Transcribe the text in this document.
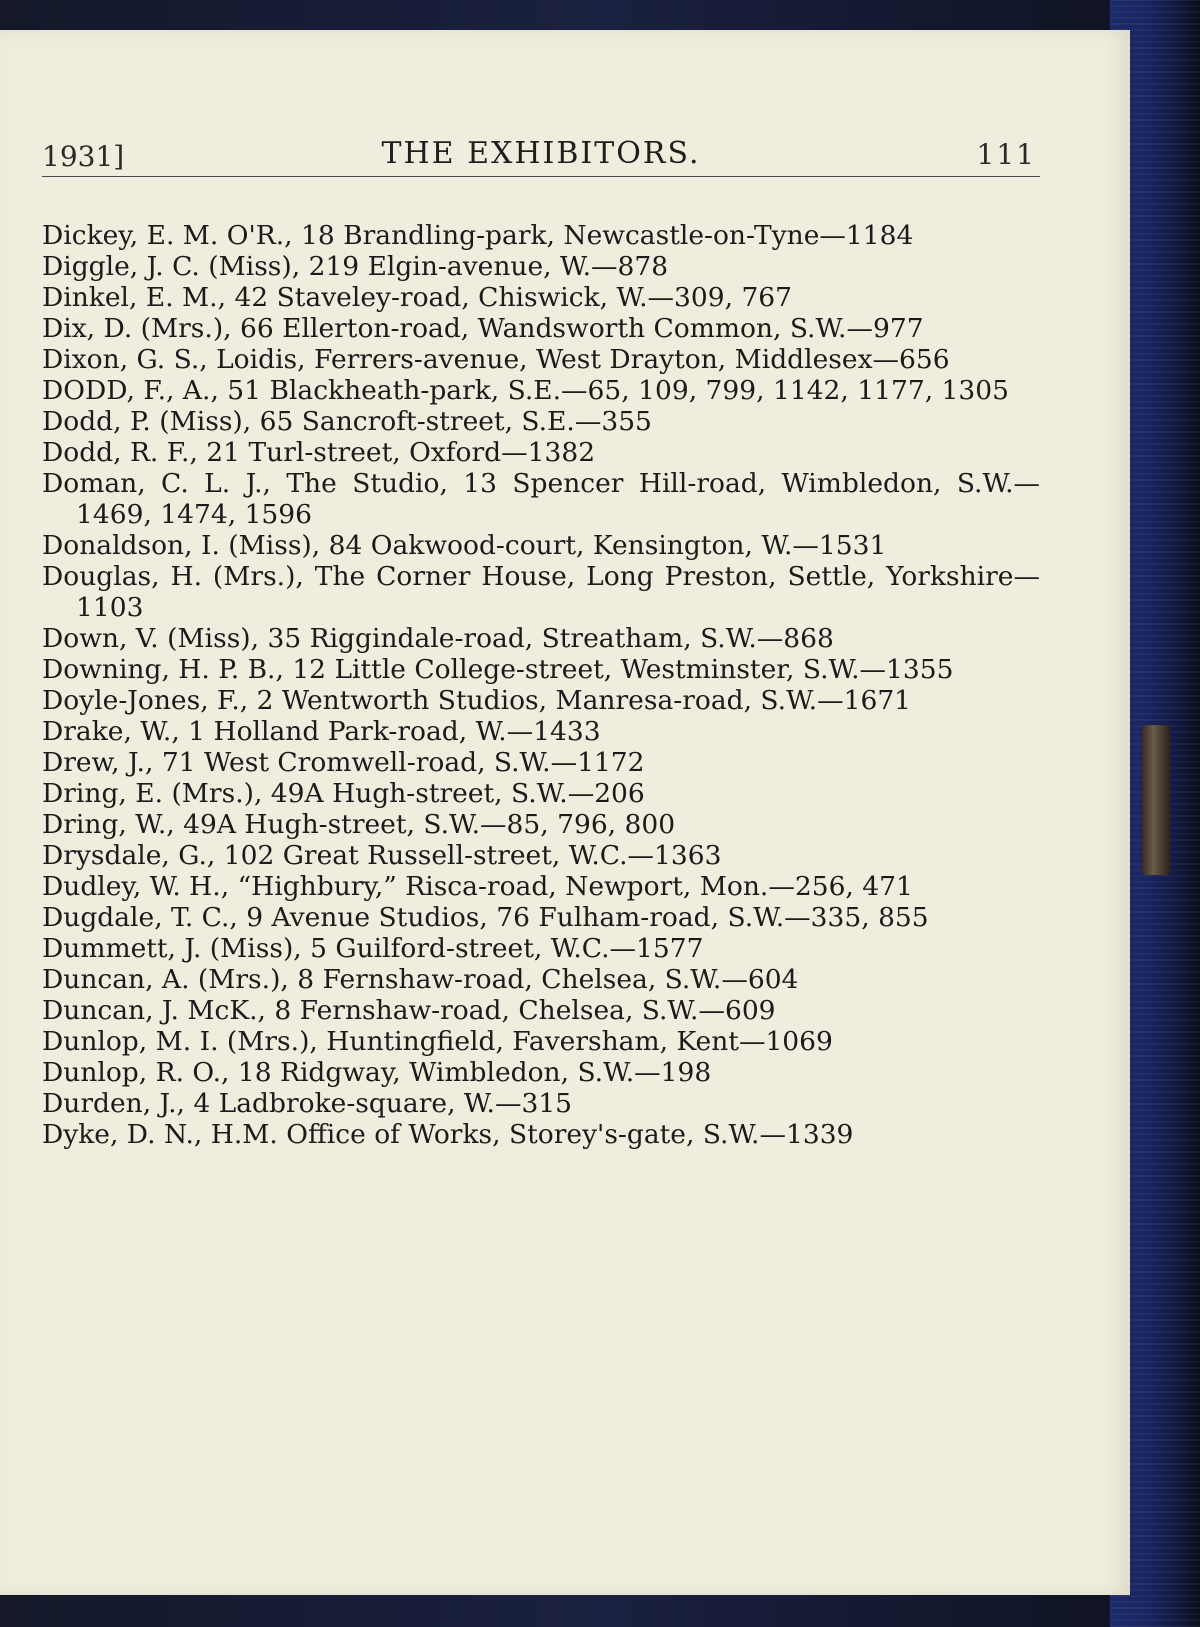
1931]	THE EXHIBITORS.	111
Dickey, E. M. O'R., 18 Brandling-park, Newcastle-on-Tyne—1184
Diggle, J. C. (Miss), 219 Elgin-avenue, W.—878
Dinkel, E. M., 42 Staveley-road, Chiswick, W.—309, 767
Dix, D. (Mrs.), 66 Ellerton-road, Wandsworth Common, S.W.—977
Dixon, G. S., Loidis, Ferrers-avenue, West Drayton, Middlesex—656
DODD, F., A., 51 Blackheath-park, S.E.—65, 109, 799, 1142, 1177, 1305
Dodd, P. (Miss), 65 Sancroft-street, S.E.—355
Dodd, R. F., 21 Turl-street, Oxford—1382
Doman, C. L. J., The Studio, 13 Spencer Hill-road, Wimbledon, S.W.—1469, 1474, 1596
Donaldson, I. (Miss), 84 Oakwood-court, Kensington, W.—1531
Douglas, H. (Mrs.), The Corner House, Long Preston, Settle, Yorkshire—1103
Down, V. (Miss), 35 Riggindale-road, Streatham, S.W.—868
Downing, H. P. B., 12 Little College-street, Westminster, S.W.—1355
Doyle-Jones, F., 2 Wentworth Studios, Manresa-road, S.W.—1671
Drake, W., 1 Holland Park-road, W.—1433
Drew, J., 71 West Cromwell-road, S.W.—1172
Dring, E. (Mrs.), 49A Hugh-street, S.W.—206
Dring, W., 49A Hugh-street, S.W.—85, 796, 800
Drysdale, G., 102 Great Russell-street, W.C.—1363
Dudley, W. H., “Highbury,” Risca-road, Newport, Mon.—256, 471
Dugdale, T. C., 9 Avenue Studios, 76 Fulham-road, S.W.—335, 855
Dummett, J. (Miss), 5 Guilford-street, W.C.—1577
Duncan, A. (Mrs.), 8 Fernshaw-road, Chelsea, S.W.—604
Duncan, J. McK., 8 Fernshaw-road, Chelsea, S.W.—609
Dunlop, M. I. (Mrs.), Huntingfield, Faversham, Kent—1069
Dunlop, R. O., 18 Ridgway, Wimbledon, S.W.—198
Durden, J., 4 Ladbroke-square, W.—315
Dyke, D. N., H.M. Office of Works, Storey's-gate, S.W.—1339
